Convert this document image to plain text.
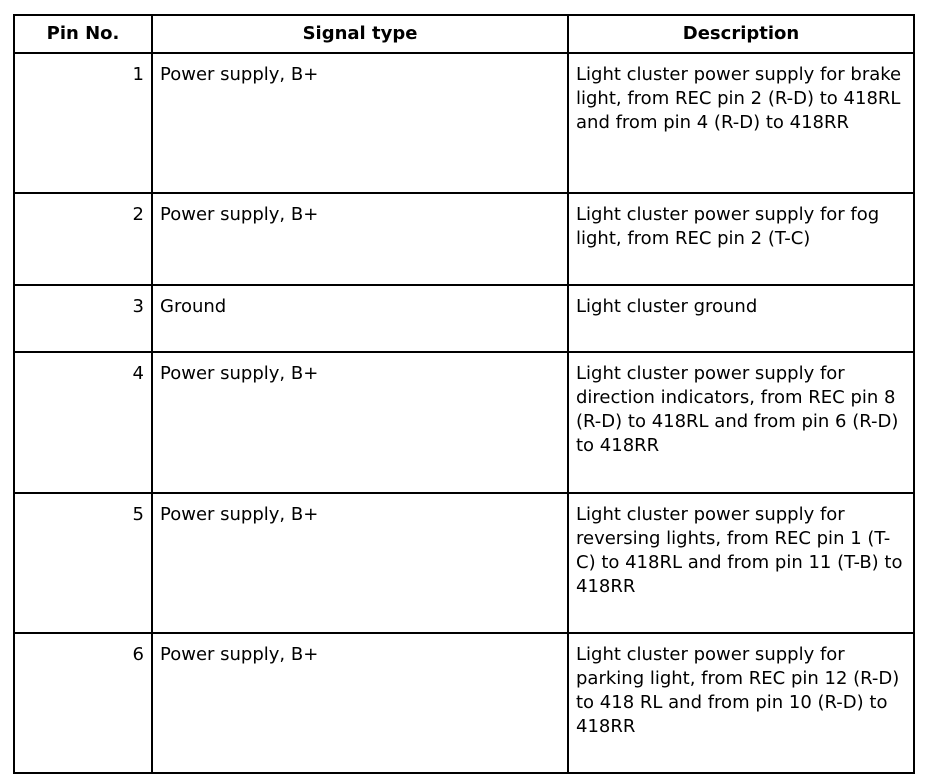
Pin No.	Signal type	Description
1	Power supply, B+	Light cluster power supply for brake light, from REC pin 2 (R-D) to 418RL and from pin 4 (R-D) to 418RR
2	Power supply, B+	Light cluster power supply for fog light, from REC pin 2 (T-C)
3	Ground	Light cluster ground
4	Power supply, B+	Light cluster power supply for direction indicators, from REC pin 8 (R-D) to 418RL and from pin 6 (R-D) to 418RR
5	Power supply, B+	Light cluster power supply for reversing lights, from REC pin 1 (T-C) to 418RL and from pin 11 (T-B) to 418RR
6	Power supply, B+	Light cluster power supply for parking light, from REC pin 12 (R-D) to 418 RL and from pin 10 (R-D) to 418RR
